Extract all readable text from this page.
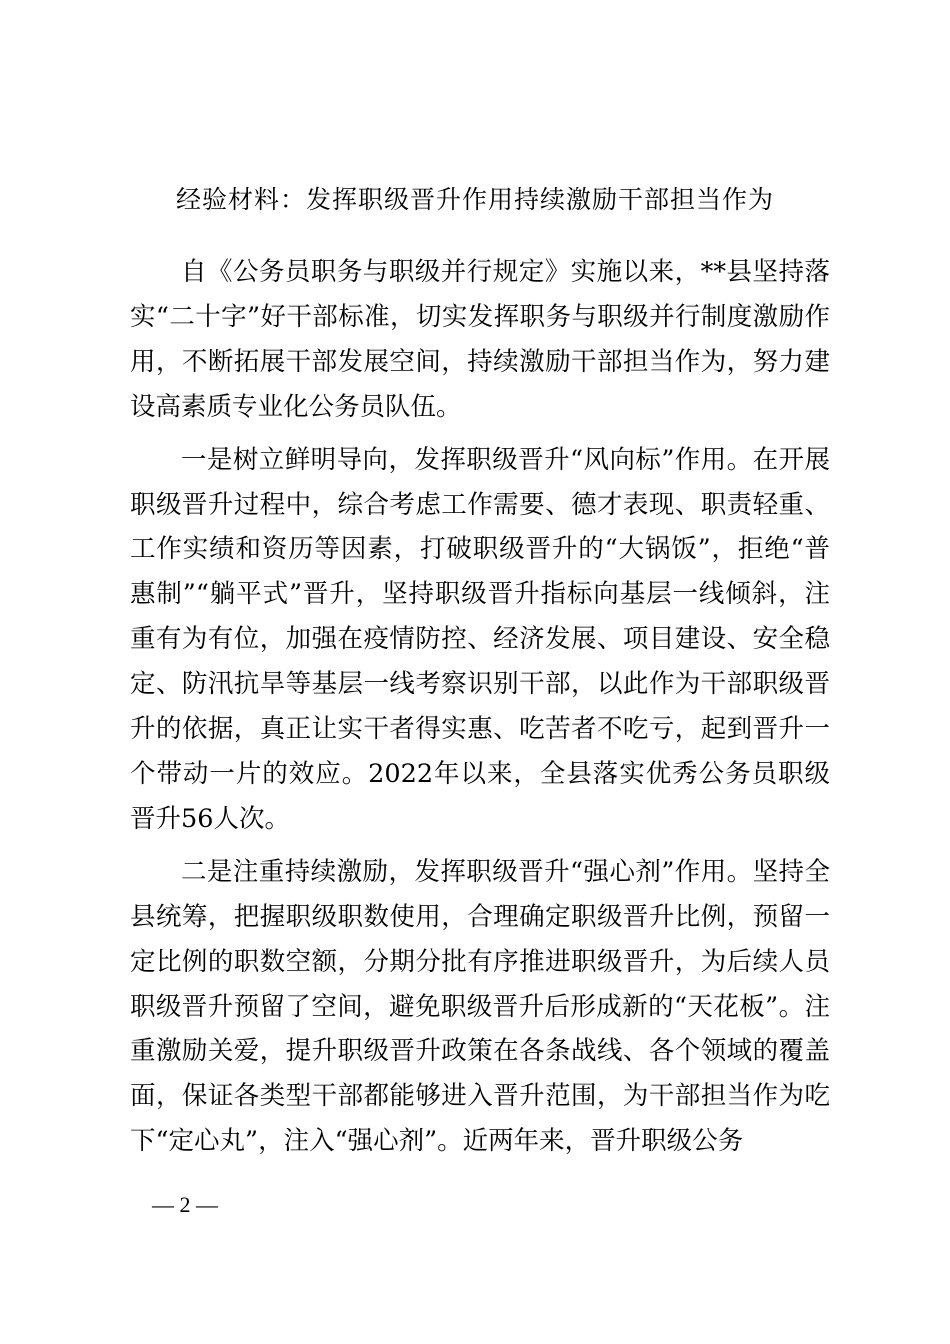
经验材料：发挥职级晋升作用持续激励干部担当作为

自《公务员职务与职级并行规定》实施以来，**县坚持落实“二十字”好干部标准，切实发挥职务与职级并行制度激励作用，不断拓展干部发展空间，持续激励干部担当作为，努力建设高素质专业化公务员队伍。

一是树立鲜明导向，发挥职级晋升“风向标”作用。在开展职级晋升过程中，综合考虑工作需要、德才表现、职责轻重、工作实绩和资历等因素，打破职级晋升的“大锅饭”，拒绝“普惠制”“躺平式”晋升，坚持职级晋升指标向基层一线倾斜，注重有为有位，加强在疫情防控、经济发展、项目建设、安全稳定、防汛抗旱等基层一线考察识别干部，以此作为干部职级晋升的依据，真正让实干者得实惠、吃苦者不吃亏，起到晋升一个带动一片的效应。2022年以来，全县落实优秀公务员职级晋升56人次。

二是注重持续激励，发挥职级晋升“强心剂”作用。坚持全县统筹，把握职级职数使用，合理确定职级晋升比例，预留一定比例的职数空额，分期分批有序推进职级晋升，为后续人员职级晋升预留了空间，避免职级晋升后形成新的“天花板”。注重激励关爱，提升职级晋升政策在各条战线、各个领域的覆盖面，保证各类型干部都能够进入晋升范围，为干部担当作为吃下“定心丸”，注入“强心剂”。近两年来，晋升职级公务

— 2 —
